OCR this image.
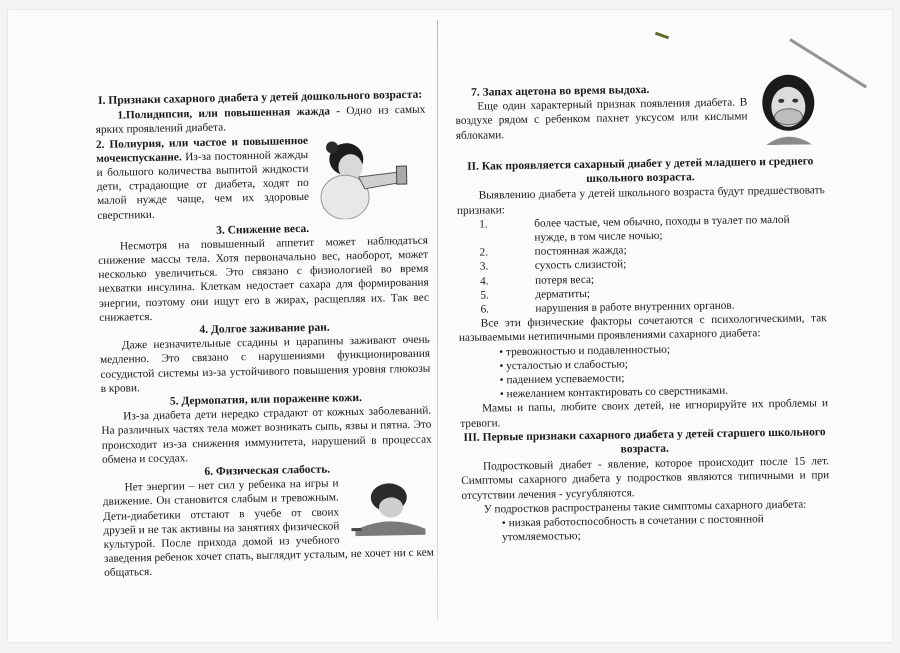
I. Признаки сахарного диабета у детей дошкольного возраста:

1.Полидипсия, или повышенная жажда - Одно из самых ярких проявлений диабета.

2. Полиурия, или частое и повышенное мочеиспускание. Из-за постоянной жажды и большого количества выпитой жидкости дети, страдающие от диабета, ходят по малой нужде чаще, чем их здоровые сверстники.

3. Снижение веса.

Несмотря на повышенный аппетит может наблюдаться снижение массы тела. Хотя первоначально вес, наоборот, может несколько увеличиться. Это связано с физиологией во время нехватки инсулина. Клеткам недостает сахара для формирования энергии, поэтому они ищут его в жирах, расщепляя их. Так вес снижается.

4. Долгое заживание ран.

Даже незначительные ссадины и царапины заживают очень медленно. Это связано с нарушениями функционирования сосудистой системы из-за устойчивого повышения уровня глюкозы в крови.

5. Дермопатия, или поражение кожи.

Из-за диабета дети нередко страдают от кожных заболеваний. На различных частях тела может возникать сыпь, язвы и пятна. Это происходит из-за снижения иммунитета, нарушений в процессах обмена и сосудах.

6. Физическая слабость.

Нет энергии – нет сил у ребенка на игры и движение. Он становится слабым и тревожным. Дети-диабетики отстают в учебе от своих друзей и не так активны на занятиях физической культурой. После прихода домой из учебного заведения ребенок хочет спать, выглядит усталым, не хочет ни с кем общаться.

7. Запах ацетона во время выдоха.

Еще один характерный признак появления диабета. В воздухе рядом с ребенком пахнет уксусом или кислыми яблоками.

II. Как проявляется сахарный диабет у детей младшего и среднего школьного возраста.

Выявлению диабета у детей школьного возраста будут предшествовать признаки:

1.	более частые, чем обычно, походы в туалет по малой нужде, в том числе ночью;
2.	постоянная жажда;
3.	сухость слизистой;
4.	потеря веса;
5.	дерматиты;
6.	нарушения в работе внутренних органов.

Все эти физические факторы сочетаются с психологическими, так называемыми нетипичными проявлениями сахарного диабета:

• тревожностью и подавленностью;
• усталостью и слабостью;
• падением успеваемости;
• нежеланием контактировать со сверстниками.

Мамы и папы, любите своих детей, не игнорируйте их проблемы и тревоги.

III. Первые признаки сахарного диабета у детей старшего школьного возраста.

Подростковый диабет - явление, которое происходит после 15 лет. Симптомы сахарного диабета у подростков являются типичными и при отсутствии лечения - усугубляются.

У подростков распространены такие симптомы сахарного диабета:

• низкая работоспособность в сочетании с постоянной утомляемостью;
